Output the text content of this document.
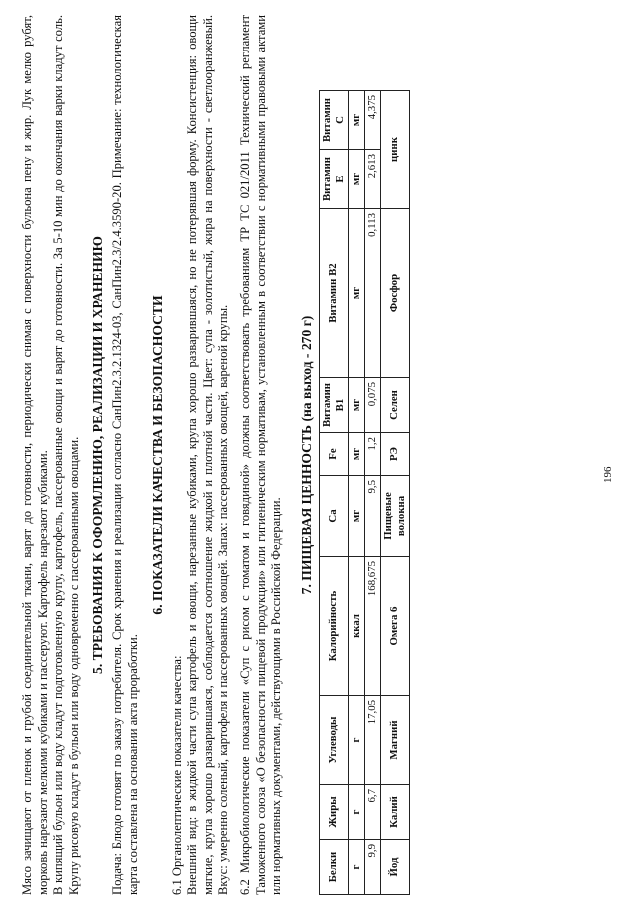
Мясо зачищают от пленок и грубой соединительной ткани, варят до готовности, периодически снимая с поверхности бульона пену и жир. Лук мелко рубят, морковь нарезают мелкими кубиками и пассеруют. Картофель нарезают кубиками. В кипящий бульон или воду кладут подготовленную крупу, картофель, пассерованные овощи и варят до готовности. За 5-10 мин до окончания варки кладут соль. Крупу рисовую кладут в бульон или воду одновременно с пассерованными овощами. 5. ТРЕБОВАНИЯ К ОФОРМЛЕНИЮ, РЕАЛИЗАЦИИ И ХРАНЕНИЮ Подача: Блюдо готовят по заказу потребителя. Срок хранения и реализации согласно СанПин2.3.2.1324-03, СанПин2.3/2.4.3590-20. Примечание: технологическая карта составлена на основании акта проработки.

6. ПОКАЗАТЕЛИ КАЧЕСТВА И БЕЗОПАСНОСТИ

6.1 Органолептические показатели качества: Внешний вид: в жидкой части супа картофель и овощи, нарезанные кубиками, крупа хорошо разварившаяся, но не потерявшая форму. Консистенция: овощи мягкие, крупа хорошо разварившаяся, соблюдается соотношение жидкой и плотной части. Цвет: супа - золотистый, жира на поверхности - светлооранжевый. Вкус: умеренно соленый, картофеля и пассерованных овощей. Запах: пассерованных овощей, вареной крупы. 6.2 Микробиологические показатели «Суп с рисом с томатом и говядиной» должны соответствовать требованиям ТР ТС 021/2011 Технический регламент Таможенного союза «О безопасности пищевой продукции» или гигиеническим нормативам, установленным в соответствии с нормативными правовыми актами или нормативных документами, действующими в Российской Федерации. 7. ПИЩЕВАЯ ЦЕННОСТЬ (на выход - 270 г)
Белки	Жиры	Углеводы	Калорийность	Ca	Fe	Витамин В1	Витамин В2	Витамин Е	Витамин С
г	г	г	ккал	мг	мг	мг	мг	мг	мг
9,9	6,7	17,05	168,675	9,5	1,2	0,075	0,113	2,613	4,375
Йод	Калий	Магний	Омега 6	Пищевые волокна	РЭ	Селен	Фосфор	цинк	
196
